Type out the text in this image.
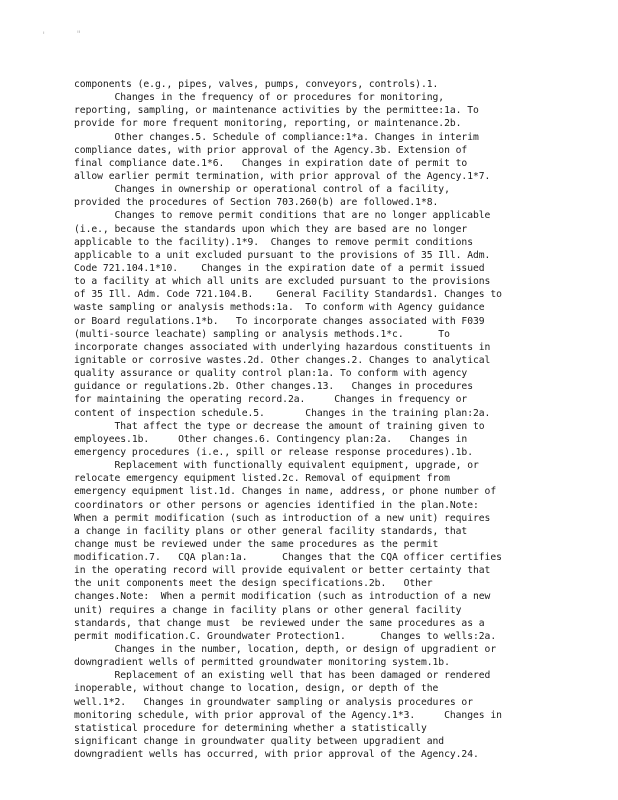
'	"
components (e.g., pipes, valves, pumps, conveyors, controls).1.
Changes in the frequency of or procedures for monitoring,
reporting, sampling, or maintenance activities by the permittee:1a. To
provide for more frequent monitoring, reporting, or maintenance.2b.
Other changes.5. Schedule of compliance:1*a. Changes in interim
compliance dates, with prior approval of the Agency.3b. Extension of
final compliance date.1*6.   Changes in expiration date of permit to
allow earlier permit termination, with prior approval of the Agency.1*7.
Changes in ownership or operational control of a facility,
provided the procedures of Section 703.260(b) are followed.1*8.
Changes to remove permit conditions that are no longer applicable
(i.e., because the standards upon which they are based are no longer
applicable to the facility).1*9.  Changes to remove permit conditions
applicable to a unit excluded pursuant to the provisions of 35 Ill. Adm.
Code 721.104.1*10.    Changes in the expiration date of a permit issued
to a facility at which all units are excluded pursuant to the provisions
of 35 Ill. Adm. Code 721.104.B.    General Facility Standards1. Changes to
waste sampling or analysis methods:1a.  To conform with Agency guidance
or Board regulations.1*b.   To incorporate changes associated with F039
(multi-source leachate) sampling or analysis methods.1*c.      To
incorporate changes associated with underlying hazardous constituents in
ignitable or corrosive wastes.2d. Other changes.2. Changes to analytical
quality assurance or quality control plan:1a. To conform with agency
guidance or regulations.2b. Other changes.13.   Changes in procedures
for maintaining the operating record.2a.     Changes in frequency or
content of inspection schedule.5.       Changes in the training plan:2a.
That affect the type or decrease the amount of training given to
employees.1b.     Other changes.6. Contingency plan:2a.   Changes in
emergency procedures (i.e., spill or release response procedures).1b.
Replacement with functionally equivalent equipment, upgrade, or
relocate emergency equipment listed.2c. Removal of equipment from
emergency equipment list.1d. Changes in name, address, or phone number of
coordinators or other persons or agencies identified in the plan.Note:
When a permit modification (such as introduction of a new unit) requires
a change in facility plans or other general facility standards, that
change must be reviewed under the same procedures as the permit
modification.7.   CQA plan:1a.      Changes that the CQA officer certifies
in the operating record will provide equivalent or better certainty that
the unit components meet the design specifications.2b.   Other
changes.Note:  When a permit modification (such as introduction of a new
unit) requires a change in facility plans or other general facility
standards, that change must  be reviewed under the same procedures as a
permit modification.C. Groundwater Protection1.      Changes to wells:2a.
Changes in the number, location, depth, or design of upgradient or
downgradient wells of permitted groundwater monitoring system.1b.
Replacement of an existing well that has been damaged or rendered
inoperable, without change to location, design, or depth of the
well.1*2.   Changes in groundwater sampling or analysis procedures or
monitoring schedule, with prior approval of the Agency.1*3.     Changes in
statistical procedure for determining whether a statistically
significant change in groundwater quality between upgradient and
downgradient wells has occurred, with prior approval of the Agency.24.
